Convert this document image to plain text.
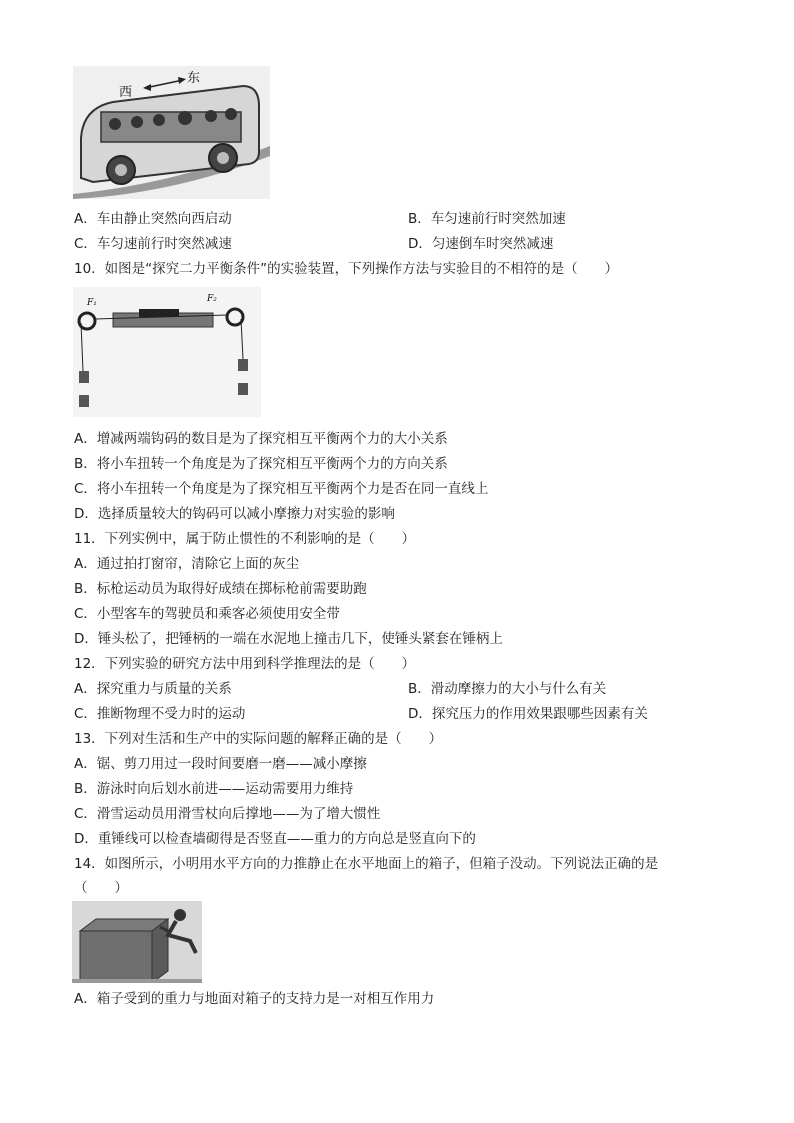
西
东
A．车由静止突然向西启动	B．车匀速前行时突然加速
C．车匀速前行时突然减速	D．匀速倒车时突然减速
10．如图是“探究二力平衡条件”的实验装置，下列操作方法与实验目的不相符的是（　　）
F₁	F₂
A．增减两端钩码的数目是为了探究相互平衡两个力的大小关系
B．将小车扭转一个角度是为了探究相互平衡两个力的方向关系
C．将小车扭转一个角度是为了探究相互平衡两个力是否在同一直线上
D．选择质量较大的钩码可以减小摩擦力对实验的影响
11．下列实例中，属于防止惯性的不利影响的是（　　）
A．通过拍打窗帘，清除它上面的灰尘
B．标枪运动员为取得好成绩在掷标枪前需要助跑
C．小型客车的驾驶员和乘客必须使用安全带
D．锤头松了，把锤柄的一端在水泥地上撞击几下，使锤头紧套在锤柄上
12．下列实验的研究方法中用到科学推理法的是（　　）
A．探究重力与质量的关系	B．滑动摩擦力的大小与什么有关
C．推断物理不受力时的运动	D．探究压力的作用效果跟哪些因素有关
13．下列对生活和生产中的实际问题的解释正确的是（　　）
A．锯、剪刀用过一段时间要磨一磨——减小摩擦
B．游泳时向后划水前进——运动需要用力维持
C．滑雪运动员用滑雪杖向后撑地——为了增大惯性
D．重锤线可以检查墙砌得是否竖直——重力的方向总是竖直向下的
14．如图所示，小明用水平方向的力推静止在水平地面上的箱子，但箱子没动。下列说法正确的是
（　　）
A．箱子受到的重力与地面对箱子的支持力是一对相互作用力
